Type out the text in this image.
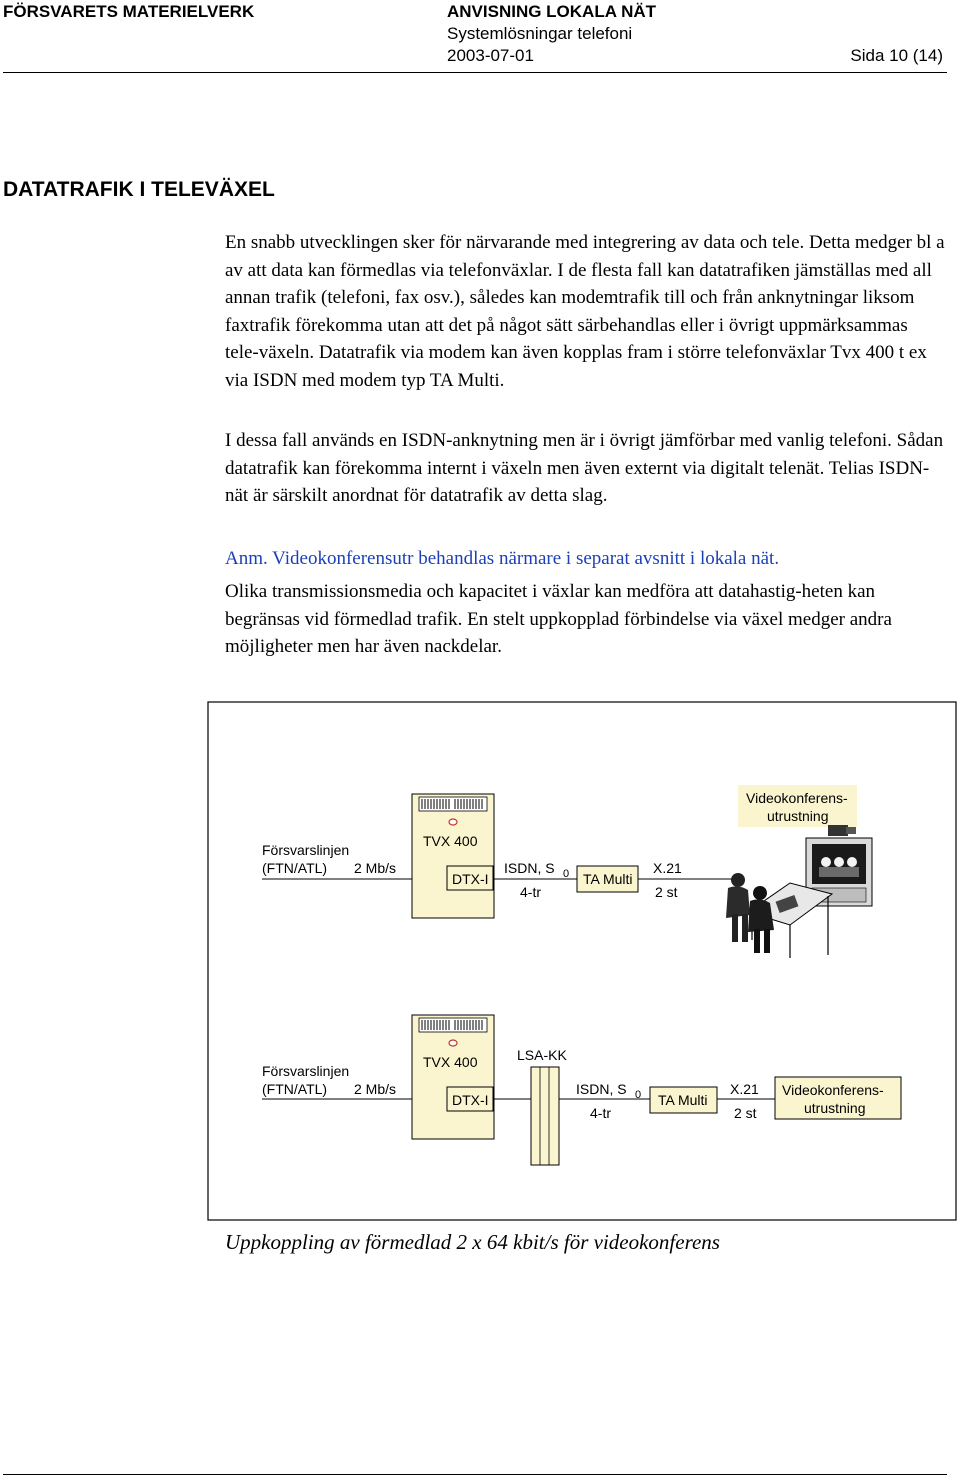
FÖRSVARETS MATERIELVERK	ANVISNING LOKALA NÄT
Systemlösningar telefoni
2003-07-01	Sida 10 (14)
DATATRAFIK I TELEVÄXEL

En snabb utvecklingen sker för närvarande med integrering av data och tele. Detta medger bl a av att data kan förmedlas via telefonväxlar. I de flesta fall kan datatrafiken jämställas med all annan trafik (telefoni, fax osv.), således kan modemtrafik till och från anknytningar liksom faxtrafik förekomma utan att det på något sätt särbehandlas eller i övrigt uppmärksammas tele-växeln. Datatrafik via modem kan även kopplas fram i större telefonväxlar Tvx 400 t ex via ISDN med modem typ TA Multi.

I dessa fall används en ISDN-anknytning men är i övrigt jämförbar med vanlig telefoni. Sådan datatrafik kan förekomma internt i växeln men även externt via digitalt telenät. Telias ISDN-nät är särskilt anordnat för datatrafik av detta slag.

Anm. Videokonferensutr behandlas närmare i separat avsnitt i lokala nät.

Olika transmissionsmedia och kapacitet i växlar kan medföra att datahastig-heten kan begränsas vid förmedlad trafik. En stelt uppkopplad förbindelse via växel medger andra möjligheter men har även nackdelar.

Försvarslinjen
(FTN/ATL) 2 Mb/s
TVX 400
DTX-I
ISDN, S 0
4-tr
TA Multi
X.21
2 st
Videokonferens-
utrustning
Försvarslinjen
(FTN/ATL) 2 Mb/s
TVX 400
DTX-I
LSA-KK
ISDN, S 0
4-tr
TA Multi
X.21
2 st
Videokonferens-
utrustning
Uppkoppling av förmedlad 2 x 64 kbit/s för videokonferens
